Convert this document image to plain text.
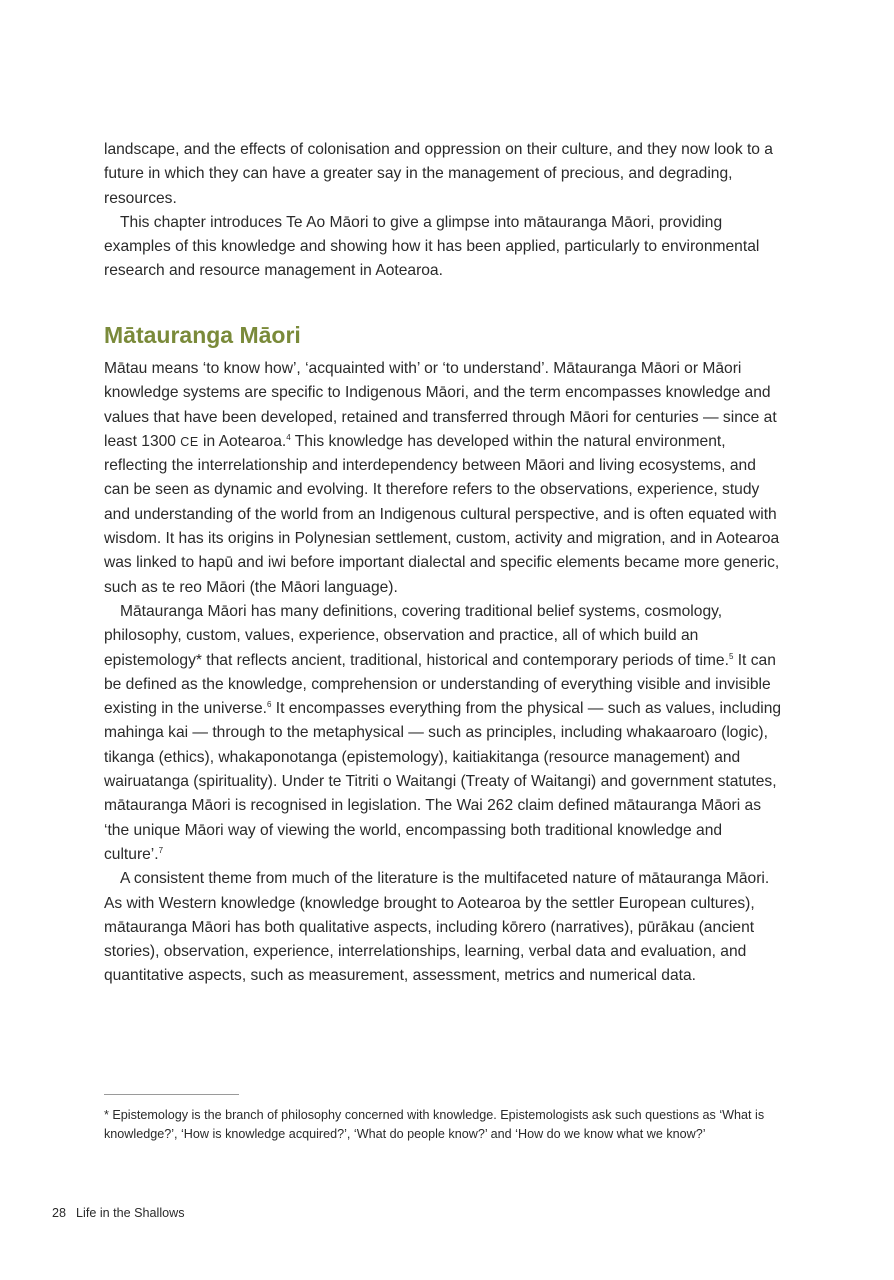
landscape, and the effects of colonisation and oppression on their culture, and they now look to a future in which they can have a greater say in the management of precious, and degrading, resources.

This chapter introduces Te Ao Māori to give a glimpse into mātauranga Māori, providing examples of this knowledge and showing how it has been applied, particularly to environmental research and resource management in Aotearoa.

Mātauranga Māori

Mātau means ‘to know how’, ‘acquainted with’ or ‘to understand’. Mātauranga Māori or Māori knowledge systems are specific to Indigenous Māori, and the term encompasses knowledge and values that have been developed, retained and transferred through Māori for centuries — since at least 1300 CE in Aotearoa.$^4$ This knowledge has developed within the natural environment, reflecting the interrelationship and interdependency between Māori and living ecosystems, and can be seen as dynamic and evolving. It therefore refers to the observations, experience, study and understanding of the world from an Indigenous cultural perspective, and is often equated with wisdom. It has its origins in Polynesian settlement, custom, activity and migration, and in Aotearoa was linked to hapū and iwi before important dialectal and specific elements became more generic, such as te reo Māori (the Māori language).

Mātauranga Māori has many definitions, covering traditional belief systems, cosmology, philosophy, custom, values, experience, observation and practice, all of which build an epistemology* that reflects ancient, traditional, historical and contemporary periods of time.$^5$ It can be defined as the knowledge, comprehension or understanding of everything visible and invisible existing in the universe.$^6$ It encompasses everything from the physical — such as values, including mahinga kai — through to the metaphysical — such as principles, including whakaaroaro (logic), tikanga (ethics), whakaponotanga (epistemology), kaitiakitanga (resource management) and wairuatanga (spirituality). Under te Titriti o Waitangi (Treaty of Waitangi) and government statutes, mātauranga Māori is recognised in legislation. The Wai 262 claim defined mātauranga Māori as ‘the unique Māori way of viewing the world, encompassing both traditional knowledge and culture’.$^7$

A consistent theme from much of the literature is the multifaceted nature of mātauranga Māori. As with Western knowledge (knowledge brought to Aotearoa by the settler European cultures), mātauranga Māori has both qualitative aspects, including kōrero (narratives), pūrākau (ancient stories), observation, experience, interrelationships, learning, verbal data and evaluation, and quantitative aspects, such as measurement, assessment, metrics and numerical data.

* Epistemology is the branch of philosophy concerned with knowledge. Epistemologists ask such questions as ‘What is knowledge?’, ‘How is knowledge acquired?’, ‘What do people know?’ and ‘How do we know what we know?’

28 Life in the Shallows
